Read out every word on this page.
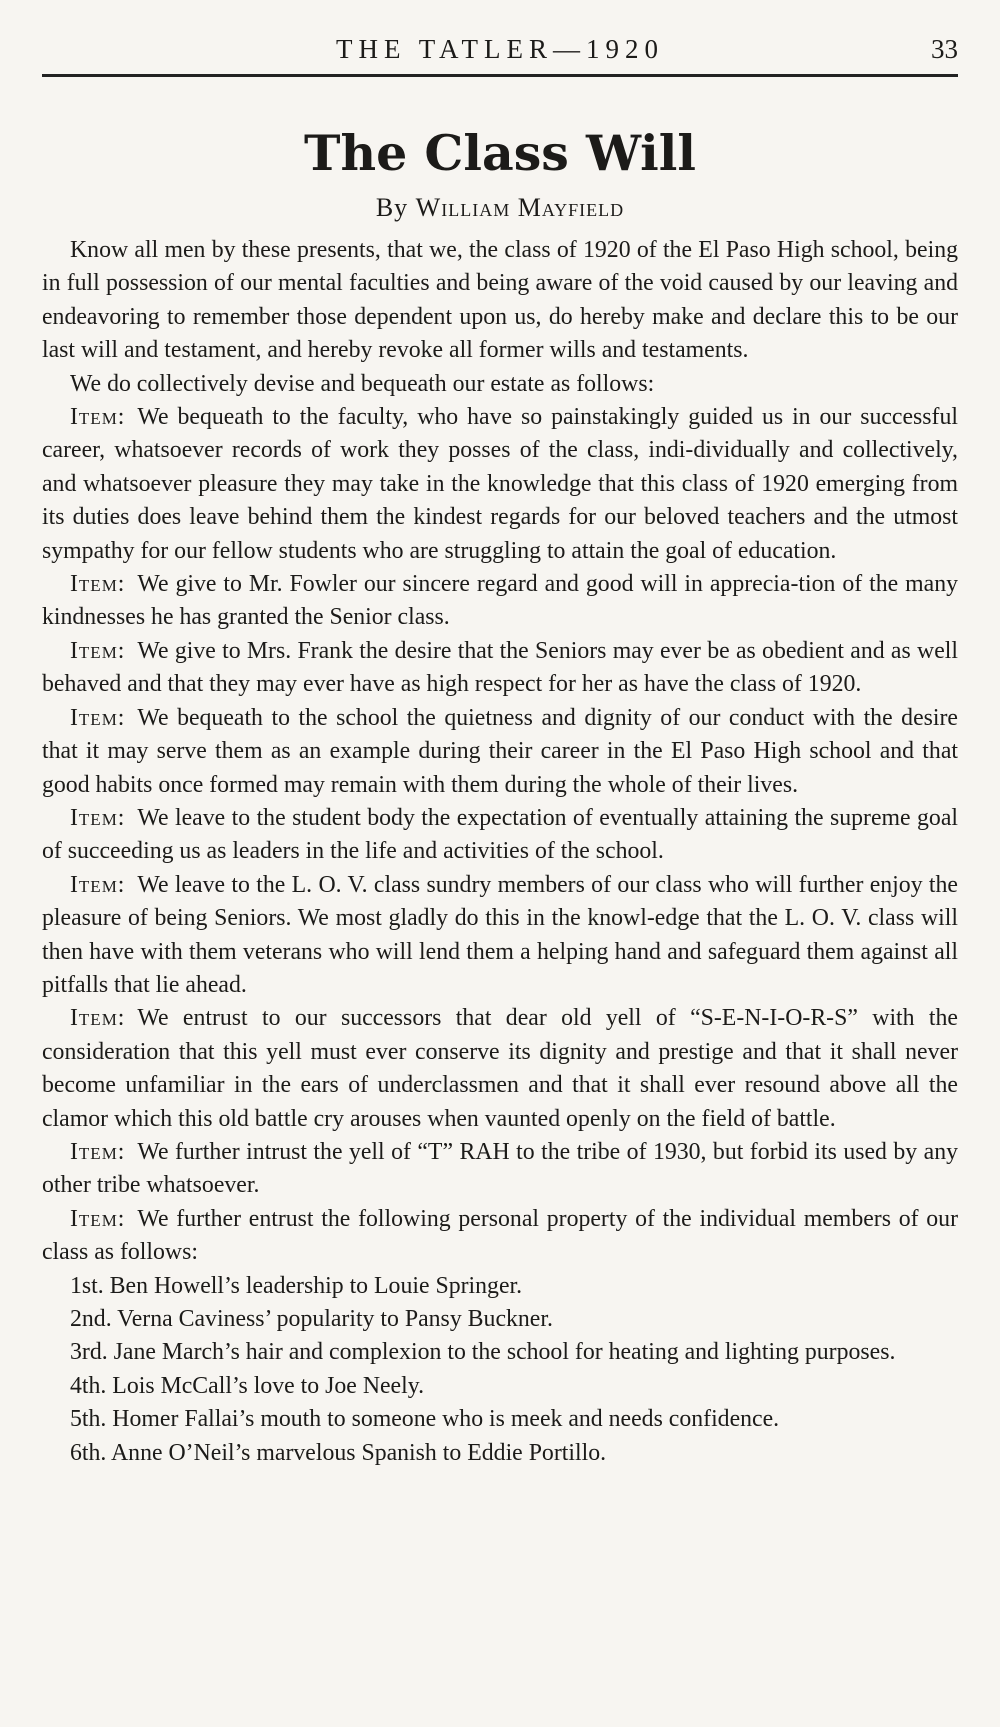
THE TATLER—1920	33
The Class Will
By William Mayfield

Know all men by these presents, that we, the class of 1920 of the El Paso High school, being in full possession of our mental faculties and being aware of the void caused by our leaving and endeavoring to remember those dependent upon us, do hereby make and declare this to be our last will and testament, and hereby revoke all former wills and testaments.

We do collectively devise and bequeath our estate as follows:

Item: We bequeath to the faculty, who have so painstakingly guided us in our successful career, whatsoever records of work they posses of the class, indi-dividually and collectively, and whatsoever pleasure they may take in the knowledge that this class of 1920 emerging from its duties does leave behind them the kindest regards for our beloved teachers and the utmost sympathy for our fellow students who are struggling to attain the goal of education.

Item: We give to Mr. Fowler our sincere regard and good will in apprecia-tion of the many kindnesses he has granted the Senior class.

Item: We give to Mrs. Frank the desire that the Seniors may ever be as obedient and as well behaved and that they may ever have as high respect for her as have the class of 1920.

Item: We bequeath to the school the quietness and dignity of our conduct with the desire that it may serve them as an example during their career in the El Paso High school and that good habits once formed may remain with them during the whole of their lives.

Item: We leave to the student body the expectation of eventually attaining the supreme goal of succeeding us as leaders in the life and activities of the school.

Item: We leave to the L. O. V. class sundry members of our class who will further enjoy the pleasure of being Seniors. We most gladly do this in the knowl-edge that the L. O. V. class will then have with them veterans who will lend them a helping hand and safeguard them against all pitfalls that lie ahead.

Item: We entrust to our successors that dear old yell of “S-E-N-I-O-R-S” with the consideration that this yell must ever conserve its dignity and prestige and that it shall never become unfamiliar in the ears of underclassmen and that it shall ever resound above all the clamor which this old battle cry arouses when vaunted openly on the field of battle.

Item: We further intrust the yell of “T” RAH to the tribe of 1930, but forbid its used by any other tribe whatsoever.

Item: We further entrust the following personal property of the individual members of our class as follows:

1st. Ben Howell’s leadership to Louie Springer.

2nd. Verna Caviness’ popularity to Pansy Buckner.

3rd. Jane March’s hair and complexion to the school for heating and lighting purposes.

4th. Lois McCall’s love to Joe Neely.

5th. Homer Fallai’s mouth to someone who is meek and needs confidence.

6th. Anne O’Neil’s marvelous Spanish to Eddie Portillo.
